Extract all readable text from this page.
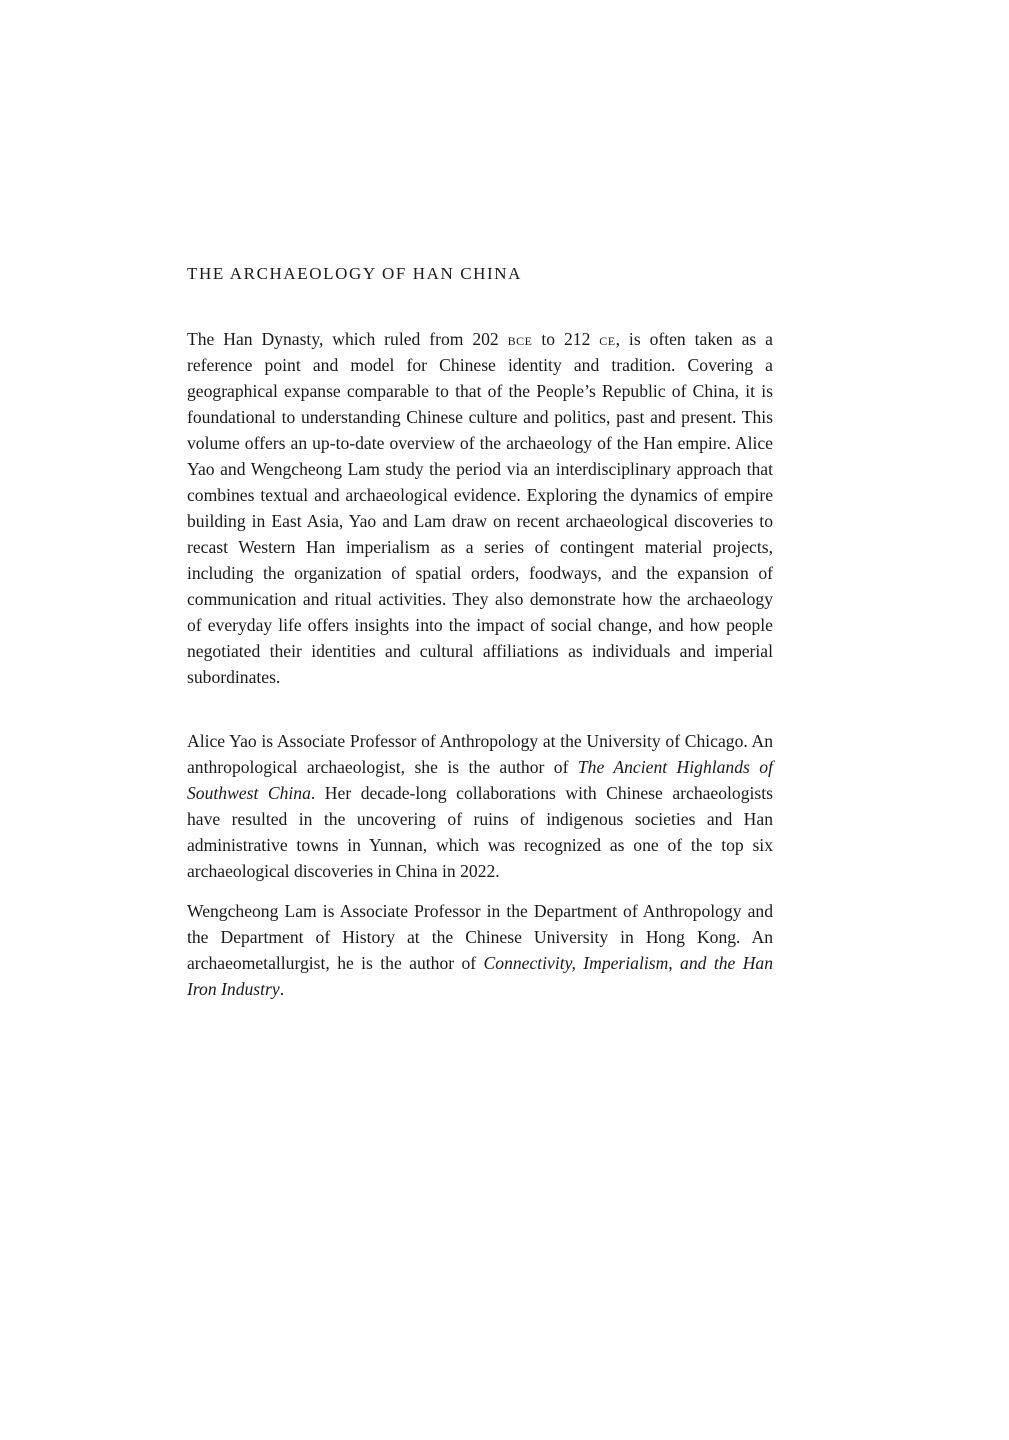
THE ARCHAEOLOGY OF HAN CHINA

The Han Dynasty, which ruled from 202 bce to 212 ce, is often taken as a reference point and model for Chinese identity and tradition. Covering a geographical expanse comparable to that of the People’s Republic of China, it is foundational to understanding Chinese culture and politics, past and present. This volume offers an up-to-date overview of the archaeology of the Han empire. Alice Yao and Wengcheong Lam study the period via an interdisciplinary approach that combines textual and archaeological evidence. Exploring the dynamics of empire building in East Asia, Yao and Lam draw on recent archaeological discoveries to recast Western Han imperialism as a series of contingent material projects, including the organization of spatial orders, foodways, and the expansion of communication and ritual activities. They also demonstrate how the archaeology of everyday life offers insights into the impact of social change, and how people negotiated their identities and cultural affiliations as individuals and imperial subordinates.

Alice Yao is Associate Professor of Anthropology at the University of Chicago. An anthropological archaeologist, she is the author of The Ancient Highlands of Southwest China. Her decade-long collaborations with Chinese archaeologists have resulted in the uncovering of ruins of indigenous societies and Han administrative towns in Yunnan, which was recognized as one of the top six archaeological discoveries in China in 2022.

Wengcheong Lam is Associate Professor in the Department of Anthropology and the Department of History at the Chinese University in Hong Kong. An archaeometallurgist, he is the author of Connectivity, Imperialism, and the Han Iron Industry.
